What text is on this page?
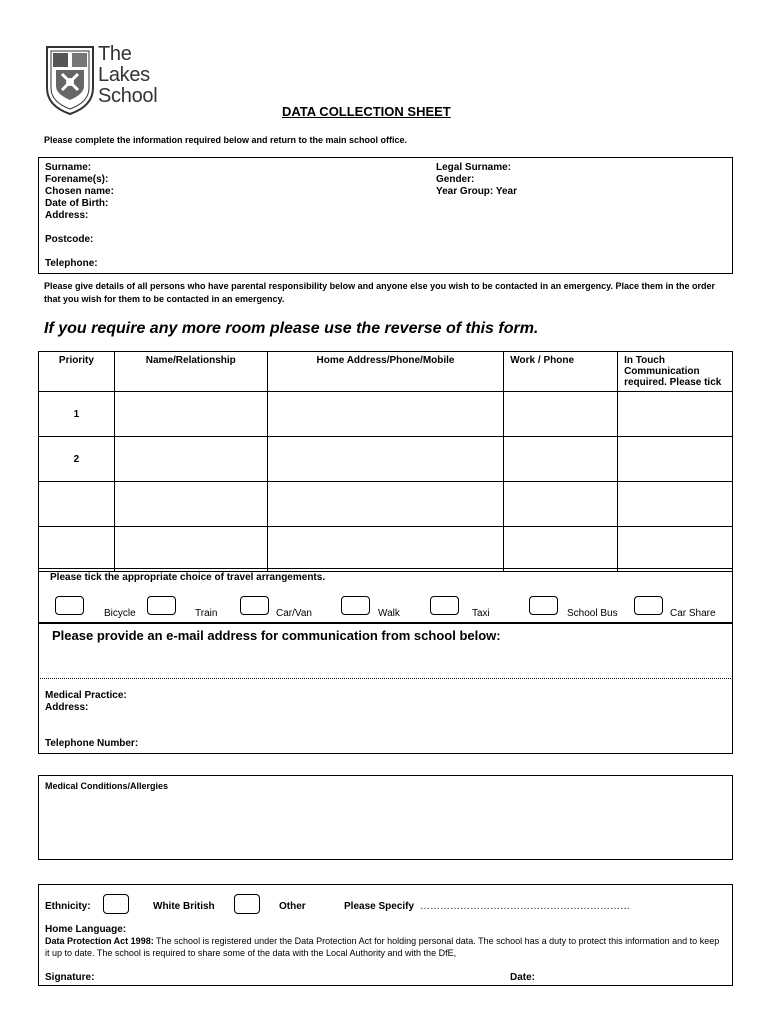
The
Lakes
School
DATA COLLECTION SHEET
Please complete the information required below and return to the main school office.
Surname:
Forename(s):
Chosen name:
Date of Birth:
Address:
Postcode:
Telephone:
Legal Surname:
Gender:
Year Group: Year
Please give details of all persons who have parental responsibility below and anyone else you wish to be contacted in an emergency. Place them in the order that you wish for them to be contacted in an emergency.
If you require any more room please use the reverse of this form.
Priority	Name/Relationship	Home Address/Phone/Mobile	Work / Phone	In Touch Communication required. Please tick
1				
2				

Please tick the appropriate choice of travel arrangements.
Bicycle	Train	Car/Van	Walk	Taxi	School Bus	Car Share
Please provide an e-mail address for communication from school below:
Medical Practice:
Address:
Telephone Number:
Medical Conditions/Allergies
Ethnicity:	White British	Other	Please Specify ………………………………………………………
Home Language:
Data Protection Act 1998: The school is registered under the Data Protection Act for holding personal data. The school has a duty to protect this information and to keep it up to date. The school is required to share some of the data with the Local Authority and with the DfE,
Signature:	Date:
